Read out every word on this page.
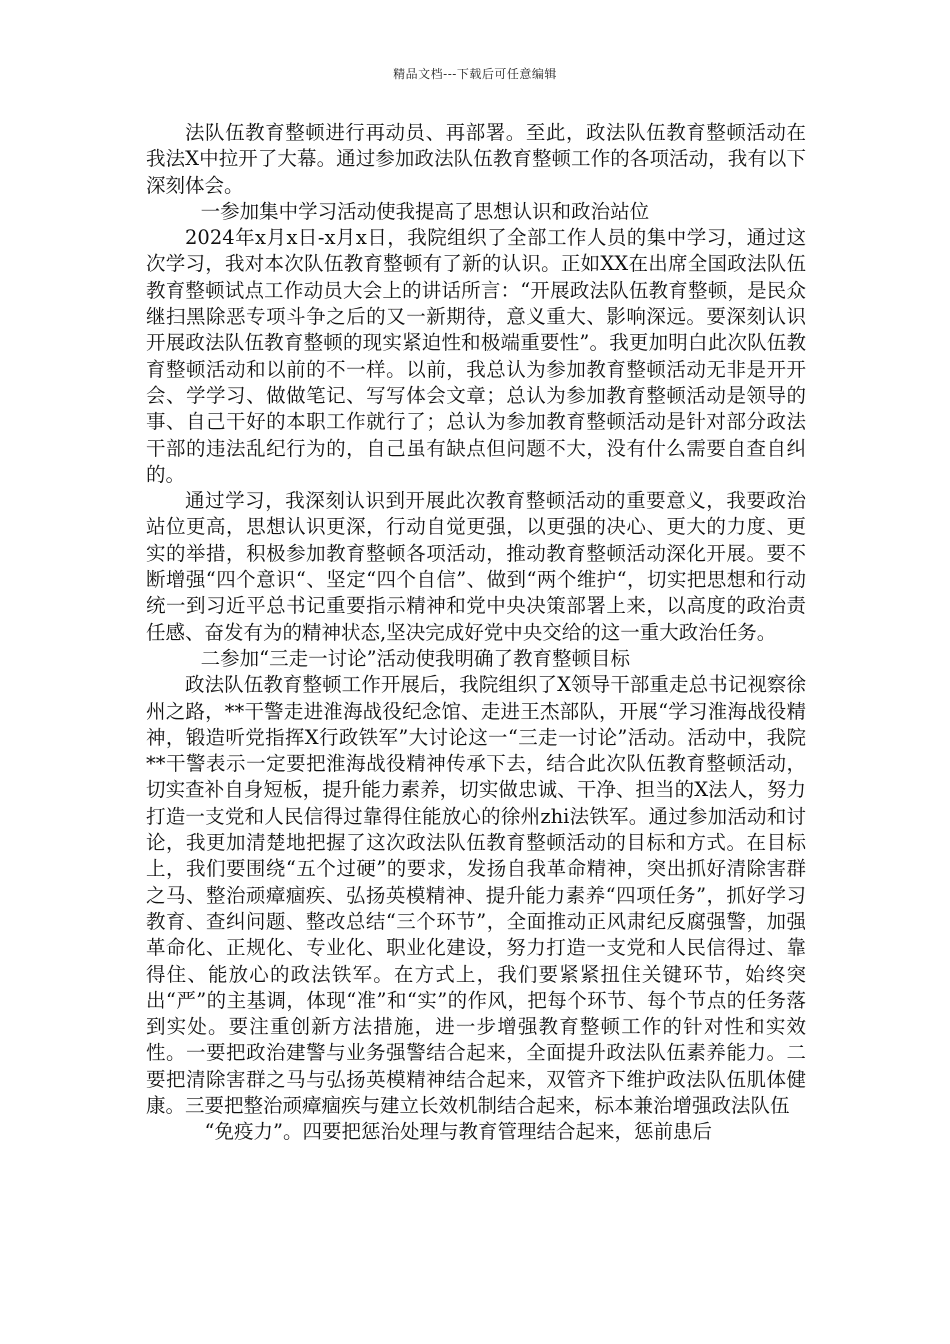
精品文档---下载后可任意编辑

法队伍教育整顿进行再动员、再部署。至此，政法队伍教育整顿活动在我法X中拉开了大幕。通过参加政法队伍教育整顿工作的各项活动，我有以下深刻体会。

一参加集中学习活动使我提高了思想认识和政治站位

2024年x月x日-x月x日，我院组织了全部工作人员的集中学习，通过这次学习，我对本次队伍教育整顿有了新的认识。正如XX在出席全国政法队伍教育整顿试点工作动员大会上的讲话所言：“开展政法队伍教育整顿，是民众继扫黑除恶专项斗争之后的又一新期待，意义重大、影响深远。要深刻认识开展政法队伍教育整顿的现实紧迫性和极端重要性”。我更加明白此次队伍教育整顿活动和以前的不一样。以前，我总认为参加教育整顿活动无非是开开会、学学习、做做笔记、写写体会文章；总认为参加教育整顿活动是领导的事、自己干好的本职工作就行了；总认为参加教育整顿活动是针对部分政法干部的违法乱纪行为的，自己虽有缺点但问题不大，没有什么需要自查自纠的。

通过学习，我深刻认识到开展此次教育整顿活动的重要意义，我要政治站位更高，思想认识更深，行动自觉更强，以更强的决心、更大的力度、更实的举措，积极参加教育整顿各项活动，推动教育整顿活动深化开展。要不断增强“四个意识“、坚定“四个自信”、做到“两个维护“，切实把思想和行动统一到习近平总书记重要指示精神和党中央决策部署上来，以高度的政治责任感、奋发有为的精神状态,坚决完成好党中央交给的这一重大政治任务。

二参加“三走一讨论”活动使我明确了教育整顿目标

政法队伍教育整顿工作开展后，我院组织了X领导干部重走总书记视察徐州之路，**干警走进淮海战役纪念馆、走进王杰部队，开展“学习淮海战役精神，锻造听党指挥X行政铁军”大讨论这一“三走一讨论”活动。活动中，我院**干警表示一定要把淮海战役精神传承下去，结合此次队伍教育整顿活动，切实查补自身短板，提升能力素养，切实做忠诚、干净、担当的X法人，努力打造一支党和人民信得过靠得住能放心的徐州zhi法铁军。通过参加活动和讨论，我更加清楚地把握了这次政法队伍教育整顿活动的目标和方式。在目标上，我们要围绕“五个过硬”的要求，发扬自我革命精神，突出抓好清除害群之马、整治顽瘴痼疾、弘扬英模精神、提升能力素养“四项任务”，抓好学习教育、查纠问题、整改总结“三个环节”，全面推动正风肃纪反腐强警，加强革命化、正规化、专业化、职业化建设，努力打造一支党和人民信得过、靠得住、能放心的政法铁军。在方式上，我们要紧紧扭住关键环节，始终突出“严”的主基调，体现“准”和“实”的作风，把每个环节、每个节点的任务落到实处。要注重创新方法措施，进一步增强教育整顿工作的针对性和实效性。一要把政治建警与业务强警结合起来，全面提升政法队伍素养能力。二要把清除害群之马与弘扬英模精神结合起来，双管齐下维护政法队伍肌体健康。三要把整治顽瘴痼疾与建立长效机制结合起来，标本兼治增强政法队伍

“免疫力”。四要把惩治处理与教育管理结合起来，惩前患后
